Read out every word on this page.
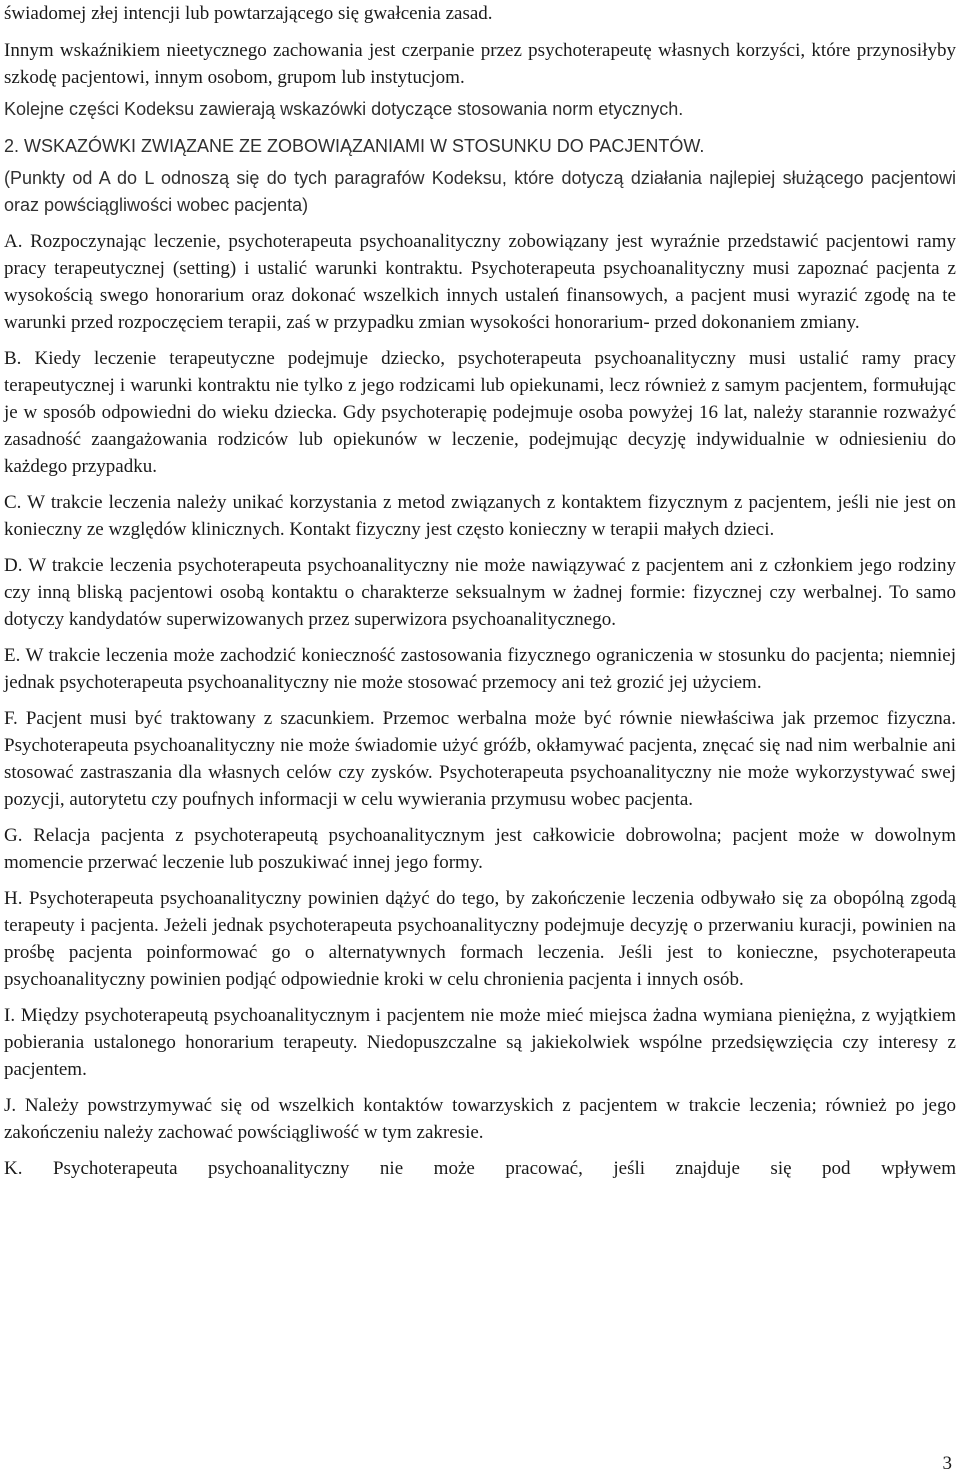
świadomej złej intencji lub powtarzającego się gwałcenia zasad.

Innym wskaźnikiem nieetycznego zachowania jest czerpanie przez psychoterapeutę własnych korzyści, które przynosiłyby szkodę pacjentowi, innym osobom, grupom lub instytucjom.

Kolejne części Kodeksu zawierają wskazówki dotyczące stosowania norm etycznych.

2. WSKAZÓWKI ZWIĄZANE ZE ZOBOWIĄZANIAMI W STOSUNKU DO PACJENTÓW.

(Punkty od A do L odnoszą się do tych paragrafów Kodeksu, które dotyczą działania najlepiej służącego pacjentowi oraz powściągliwości wobec pacjenta)

A. Rozpoczynając leczenie, psychoterapeuta psychoanalityczny zobowiązany jest wyraźnie przedstawić pacjentowi ramy pracy terapeutycznej (setting) i ustalić warunki kontraktu. Psychoterapeuta psychoanalityczny musi zapoznać pacjenta z wysokością swego honorarium oraz dokonać wszelkich innych ustaleń finansowych, a pacjent musi wyrazić zgodę na te warunki przed rozpoczęciem terapii, zaś w przypadku zmian wysokości honorarium- przed dokonaniem zmiany.

B. Kiedy leczenie terapeutyczne podejmuje dziecko, psychoterapeuta psychoanalityczny musi ustalić ramy pracy terapeutycznej i warunki kontraktu nie tylko z jego rodzicami lub opiekunami, lecz również z samym pacjentem, formułując je w sposób odpowiedni do wieku dziecka. Gdy psychoterapię podejmuje osoba powyżej 16 lat, należy starannie rozważyć zasadność zaangażowania rodziców lub opiekunów w leczenie, podejmując decyzję indywidualnie w odniesieniu do każdego przypadku.

C. W trakcie leczenia należy unikać korzystania z metod związanych z kontaktem fizycznym z pacjentem, jeśli nie jest on konieczny ze względów klinicznych. Kontakt fizyczny jest często konieczny w terapii małych dzieci.

D. W trakcie leczenia psychoterapeuta psychoanalityczny nie może nawiązywać z pacjentem ani z członkiem jego rodziny czy inną bliską pacjentowi osobą kontaktu o charakterze seksualnym w żadnej formie: fizycznej czy werbalnej. To samo dotyczy kandydatów superwizowanych przez superwizora psychoanalitycznego.

E. W trakcie leczenia może zachodzić konieczność zastosowania fizycznego ograniczenia w stosunku do pacjenta; niemniej jednak psychoterapeuta psychoanalityczny nie może stosować przemocy ani też grozić jej użyciem.

F. Pacjent musi być traktowany z szacunkiem. Przemoc werbalna może być równie niewłaściwa jak przemoc fizyczna. Psychoterapeuta psychoanalityczny nie może świadomie użyć gróźb, okłamywać pacjenta, znęcać się nad nim werbalnie ani stosować zastraszania dla własnych celów czy zysków. Psychoterapeuta psychoanalityczny nie może wykorzystywać swej pozycji, autorytetu czy poufnych informacji w celu wywierania przymusu wobec pacjenta.

G. Relacja pacjenta z psychoterapeutą psychoanalitycznym jest całkowicie dobrowolna; pacjent może w dowolnym momencie przerwać leczenie lub poszukiwać innej jego formy.

H. Psychoterapeuta psychoanalityczny powinien dążyć do tego, by zakończenie leczenia odbywało się za obopólną zgodą terapeuty i pacjenta. Jeżeli jednak psychoterapeuta psychoanalityczny podejmuje decyzję o przerwaniu kuracji, powinien na prośbę pacjenta poinformować go o alternatywnych formach leczenia. Jeśli jest to konieczne, psychoterapeuta psychoanalityczny powinien podjąć odpowiednie kroki w celu chronienia pacjenta i innych osób.

I. Między psychoterapeutą psychoanalitycznym i pacjentem nie może mieć miejsca żadna wymiana pieniężna, z wyjątkiem pobierania ustalonego honorarium terapeuty. Niedopuszczalne są jakiekolwiek wspólne przedsięwzięcia czy interesy z pacjentem.

J. Należy powstrzymywać się od wszelkich kontaktów towarzyskich z pacjentem w trakcie leczenia; również po jego zakończeniu należy zachować powściągliwość w tym zakresie.

K. Psychoterapeuta psychoanalityczny nie może pracować, jeśli znajduje się pod wpływem

3
